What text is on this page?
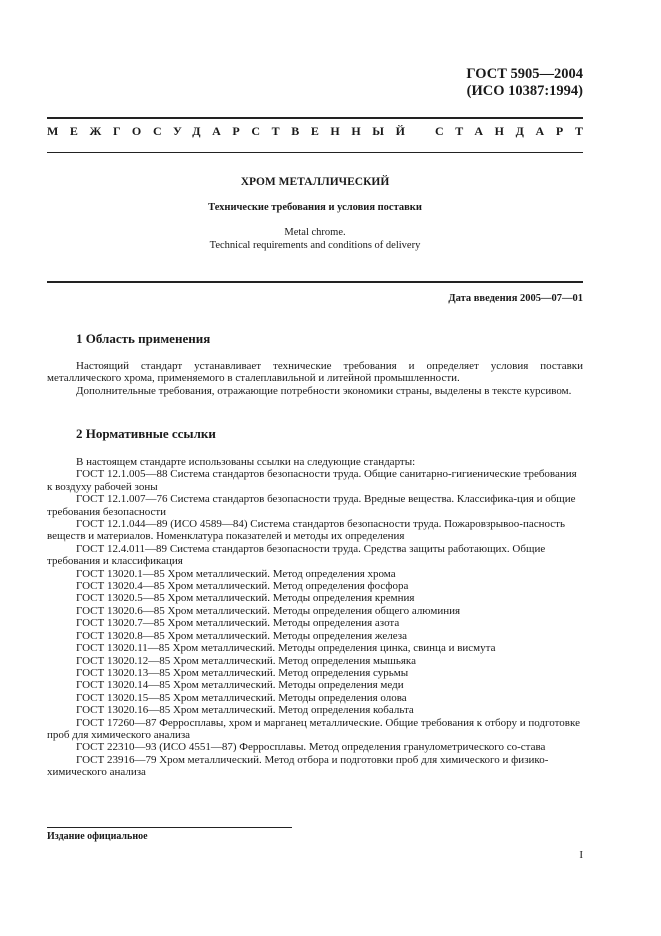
ГОСТ 5905—2004
(ИСО 10387:1994)
МЕЖГОСУДАРСТВЕННЫЙ СТАНДАРТ
ХРОМ МЕТАЛЛИЧЕСКИЙ
Технические требования и условия поставки
Metal chrome.
Technical requirements and conditions of delivery
Дата введения 2005—07—01
1 Область применения
Настоящий стандарт устанавливает технические требования и определяет условия поставки металлического хрома, применяемого в сталеплавильной и литейной промышленности.
Дополнительные требования, отражающие потребности экономики страны, выделены в тексте курсивом.
2 Нормативные ссылки
В настоящем стандарте использованы ссылки на следующие стандарты:
ГОСТ 12.1.005—88 Система стандартов безопасности труда. Общие санитарно-гигиенические требования к воздуху рабочей зоны
ГОСТ 12.1.007—76 Система стандартов безопасности труда. Вредные вещества. Классифика-ция и общие требования безопасности
ГОСТ 12.1.044—89 (ИСО 4589—84) Система стандартов безопасности труда. Пожаровзрывоо-пасность веществ и материалов. Номенклатура показателей и методы их определения
ГОСТ 12.4.011—89 Система стандартов безопасности труда. Средства защиты работающих. Общие требования и классификация
ГОСТ 13020.1—85 Хром металлический. Метод определения хрома
ГОСТ 13020.4—85 Хром металлический. Метод определения фосфора
ГОСТ 13020.5—85 Хром металлический. Методы определения кремния
ГОСТ 13020.6—85 Хром металлический. Методы определения общего алюминия
ГОСТ 13020.7—85 Хром металлический. Методы определения азота
ГОСТ 13020.8—85 Хром металлический. Методы определения железа
ГОСТ 13020.11—85 Хром металлический. Методы определения цинка, свинца и висмута
ГОСТ 13020.12—85 Хром металлический. Метод определения мышьяка
ГОСТ 13020.13—85 Хром металлический. Метод определения сурьмы
ГОСТ 13020.14—85 Хром металлический. Методы определения меди
ГОСТ 13020.15—85 Хром металлический. Методы определения олова
ГОСТ 13020.16—85 Хром металлический. Метод определения кобальта
ГОСТ 17260—87 Ферросплавы, хром и марганец металлические. Общие требования к отбору и подготовке проб для химического анализа
ГОСТ 22310—93 (ИСО 4551—87) Ферросплавы. Метод определения гранулометрического со-става
ГОСТ 23916—79 Хром металлический. Метод отбора и подготовки проб для химического и физико-химического анализа
Издание официальное
I
